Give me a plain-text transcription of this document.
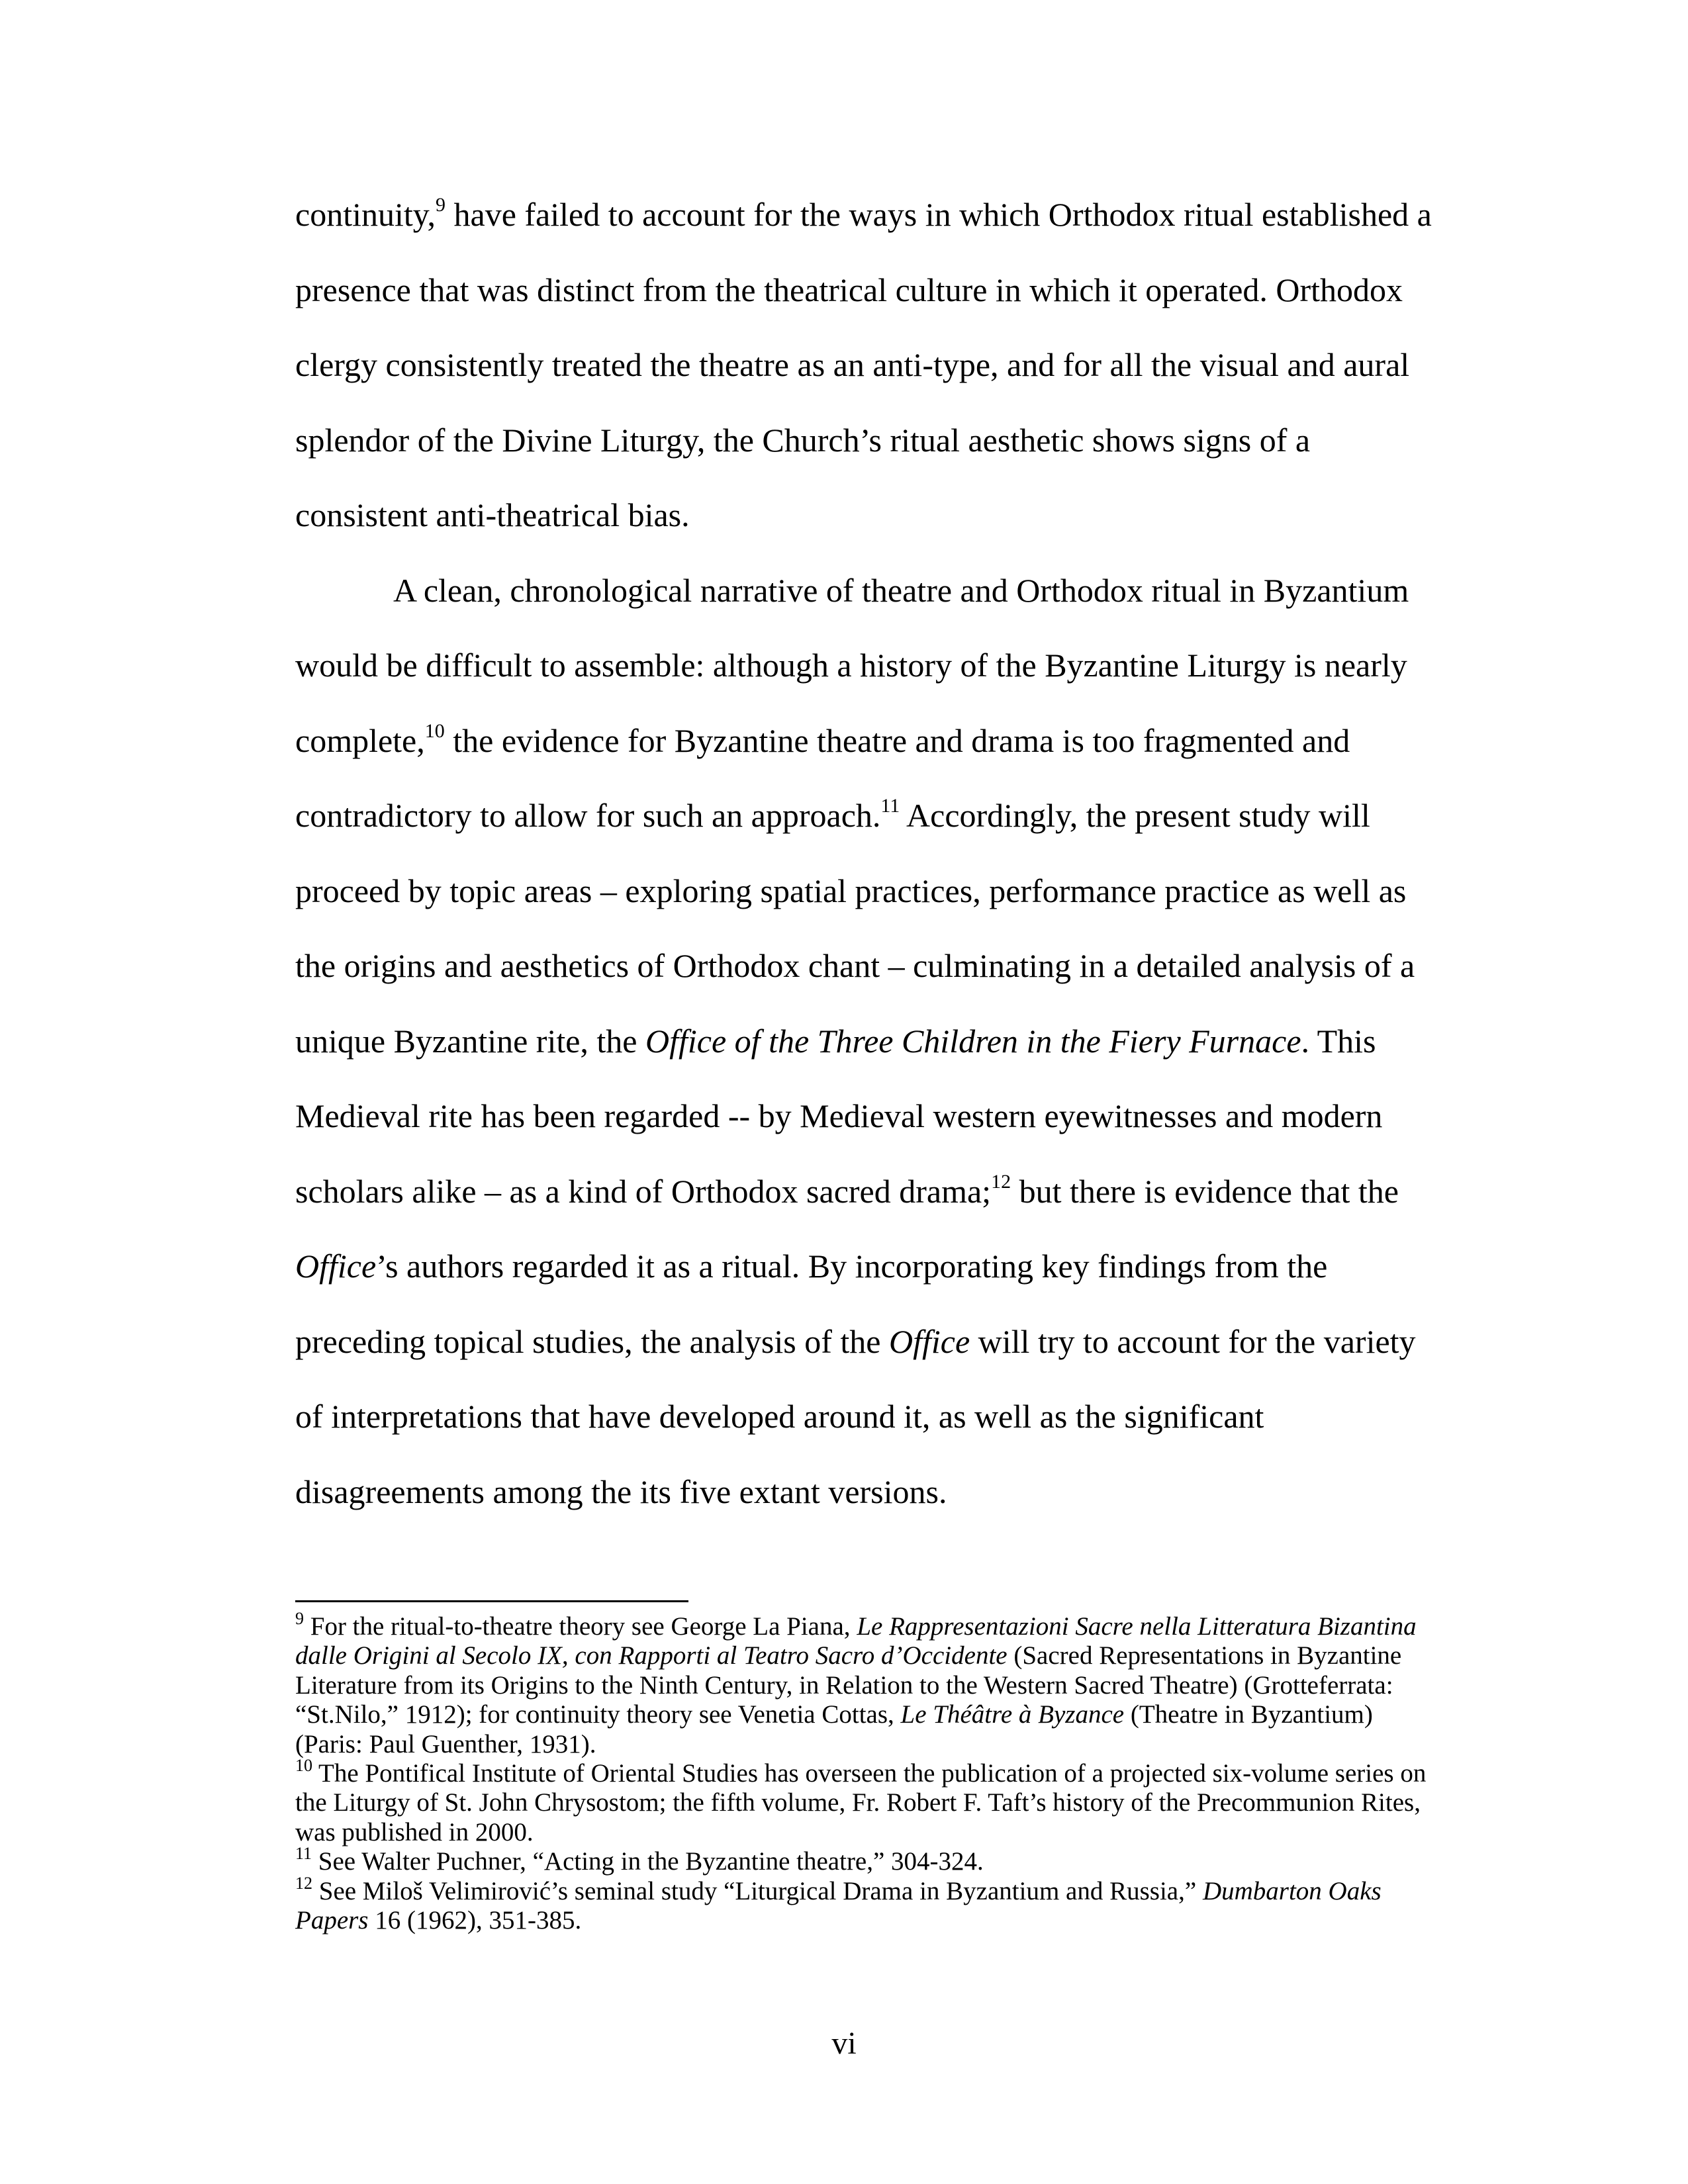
continuity,$^9$ have failed to account for the ways in which Orthodox ritual established a presence that was distinct from the theatrical culture in which it operated. Orthodox clergy consistently treated the theatre as an anti-type, and for all the visual and aural splendor of the Divine Liturgy, the Church’s ritual aesthetic shows signs of a consistent anti-theatrical bias.

A clean, chronological narrative of theatre and Orthodox ritual in Byzantium would be difficult to assemble: although a history of the Byzantine Liturgy is nearly complete,$^{10}$ the evidence for Byzantine theatre and drama is too fragmented and contradictory to allow for such an approach.$^{11}$ Accordingly, the present study will proceed by topic areas – exploring spatial practices, performance practice as well as the origins and aesthetics of Orthodox chant – culminating in a detailed analysis of a unique Byzantine rite, the Office of the Three Children in the Fiery Furnace. This Medieval rite has been regarded -- by Medieval western eyewitnesses and modern scholars alike – as a kind of Orthodox sacred drama;$^{12}$ but there is evidence that the Office’s authors regarded it as a ritual. By incorporating key findings from the preceding topical studies, the analysis of the Office will try to account for the variety of interpretations that have developed around it, as well as the significant disagreements among the its five extant versions.

$^9$ For the ritual-to-theatre theory see George La Piana, Le Rappresentazioni Sacre nella Litteratura Bizantina dalle Origini al Secolo IX, con Rapporti al Teatro Sacro d’Occidente (Sacred Representations in Byzantine Literature from its Origins to the Ninth Century, in Relation to the Western Sacred Theatre) (Grotteferrata: “St.Nilo,” 1912); for continuity theory see Venetia Cottas, Le Théâtre à Byzance (Theatre in Byzantium) (Paris: Paul Guenther, 1931).

$^{10}$ The Pontifical Institute of Oriental Studies has overseen the publication of a projected six-volume series on the Liturgy of St. John Chrysostom; the fifth volume, Fr. Robert F. Taft’s history of the Precommunion Rites, was published in 2000.

$^{11}$ See Walter Puchner, “Acting in the Byzantine theatre,” 304-324.

$^{12}$ See Miloš Velimirović’s seminal study “Liturgical Drama in Byzantium and Russia,” Dumbarton Oaks Papers 16 (1962), 351-385.

vi
